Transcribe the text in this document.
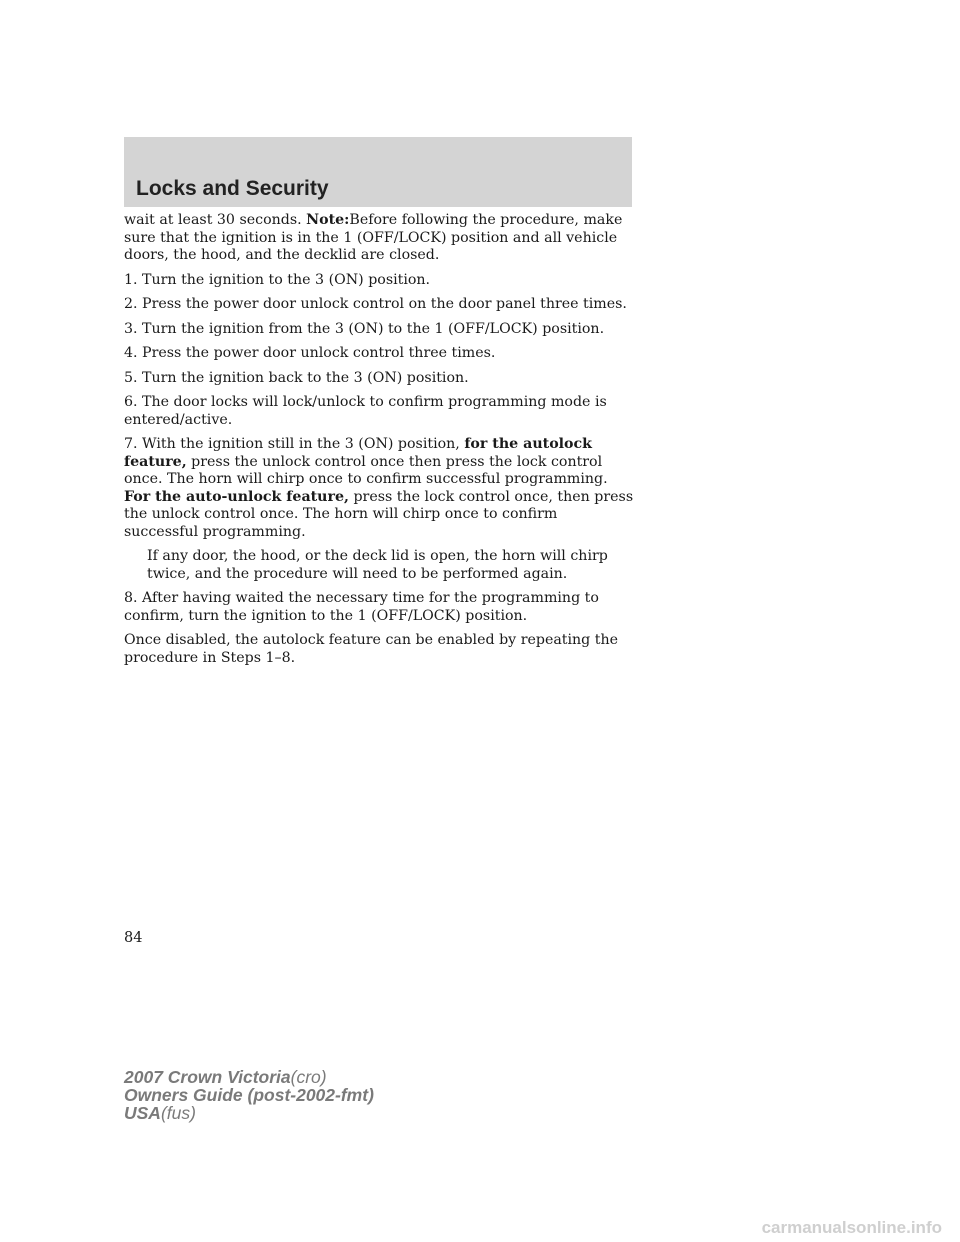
Locks and Security

wait at least 30 seconds. Note:Before following the procedure, make sure that the ignition is in the 1 (OFF/LOCK) position and all vehicle doors, the hood, and the decklid are closed.

1. Turn the ignition to the 3 (ON) position.

2. Press the power door unlock control on the door panel three times.

3. Turn the ignition from the 3 (ON) to the 1 (OFF/LOCK) position.

4. Press the power door unlock control three times.

5. Turn the ignition back to the 3 (ON) position.

6. The door locks will lock/unlock to confirm programming mode is entered/active.

7. With the ignition still in the 3 (ON) position, for the autolock feature, press the unlock control once then press the lock control once. The horn will chirp once to confirm successful programming. For the auto-unlock feature, press the lock control once, then press the unlock control once. The horn will chirp once to confirm successful programming.

If any door, the hood, or the deck lid is open, the horn will chirp twice, and the procedure will need to be performed again.

8. After having waited the necessary time for the programming to confirm, turn the ignition to the 1 (OFF/LOCK) position.

Once disabled, the autolock feature can be enabled by repeating the procedure in Steps 1–8.

84
2007 Crown Victoria(cro)
Owners Guide (post-2002-fmt)
USA(fus)
carmanualsonline.info
